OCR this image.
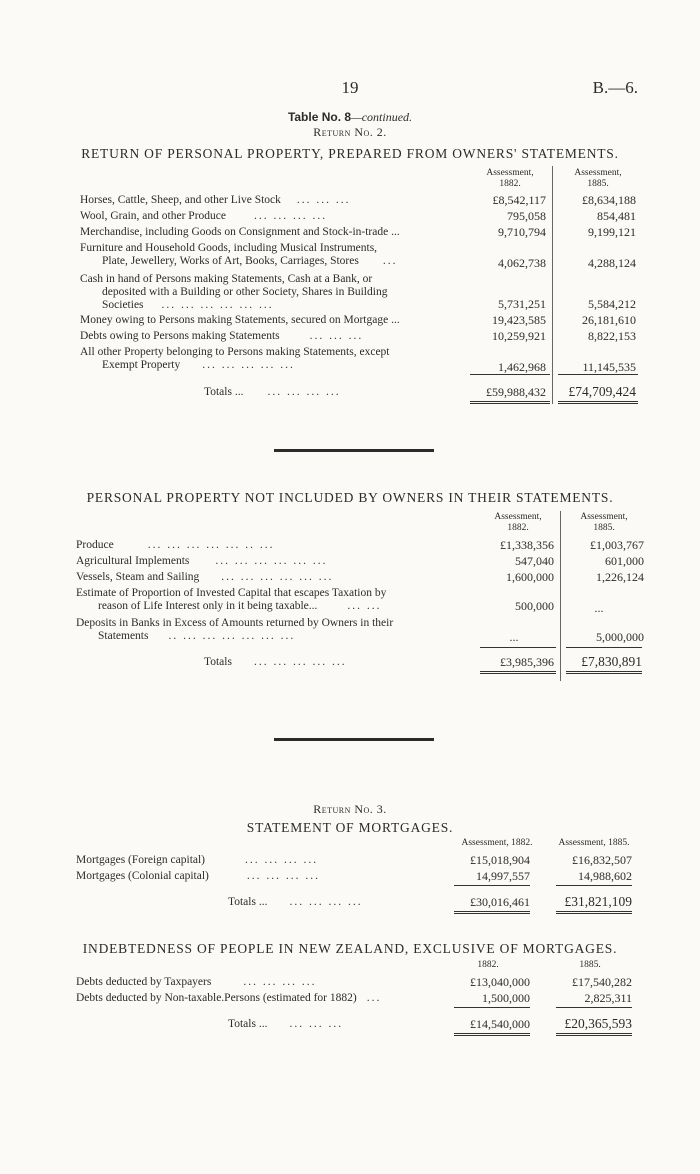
19	B.—6.
Table No. 8—continued.
Return No. 2.
RETURN OF PERSONAL PROPERTY, PREPARED FROM OWNERS' STATEMENTS.
Assessment,
1882.
Assessment,
1885.
Horses, Cattle, Sheep, and other Live Stock ... ... ...	£8,542,117	£8,634,188
Wool, Grain, and other Produce ... ... ... ...	795,058	854,481
Merchandise, including Goods on Consignment and Stock-in-trade ...	9,710,794	9,199,121
Furniture and Household Goods, including Musical Instruments,
Plate, Jewellery, Works of Art, Books, Carriages, Stores ...	4,062,738	4,288,124
Cash in hand of Persons making Statements, Cash at a Bank, or
deposited with a Building or other Society, Shares in Building
Societies ... ... ... ... ... ...	5,731,251	5,584,212
Money owing to Persons making Statements, secured on Mortgage ...	19,423,585	26,181,610
Debts owing to Persons making Statements	... ... ...	10,259,921	8,822,153
All other Property belonging to Persons making Statements, except
Exempt Property ... ... ... ... ...	1,462,968	11,145,535
Totals ... ... ... ... ...	£59,988,432	£74,709,424
PERSONAL PROPERTY NOT INCLUDED BY OWNERS IN THEIR STATEMENTS.
Assessment,
1882.
Assessment,
1885.
Produce	... ... ... ... ... .. ...	£1,338,356	£1,003,767
Agricultural Implements ... ... ... ... ... ...	547,040	601,000
Vessels, Steam and Sailing ... ... ... ... ... ...	1,600,000	1,226,124
Estimate of Proportion of Invested Capital that escapes Taxation by
reason of Life Interest only in it being taxable...	... ...	500,000	...
Deposits in Banks in Excess of Amounts returned by Owners in their
Statements .. ... ... ... ... ... ...	...	5,000,000
Totals ... ... ... ... ...	£3,985,396	£7,830,891
Return No. 3.
STATEMENT OF MORTGAGES.
Assessment, 1882.	Assessment, 1885.
Mortgages (Foreign capital)	... ... ... ...	£15,018,904	£16,832,507
Mortgages (Colonial capital)	... ... ... ...	14,997,557	14,988,602
Totals ... ... ... ... ...	£30,016,461	£31,821,109
INDEBTEDNESS OF PEOPLE IN NEW ZEALAND, EXCLUSIVE OF MORTGAGES.
1882.	1885.
Debts deducted by Taxpayers	... ... ... ...	£13,040,000	£17,540,282
Debts deducted by Non-taxable.Persons (estimated for 1882) ...	1,500,000	2,825,311
Totals ... ... ... ...	£14,540,000	£20,365,593
